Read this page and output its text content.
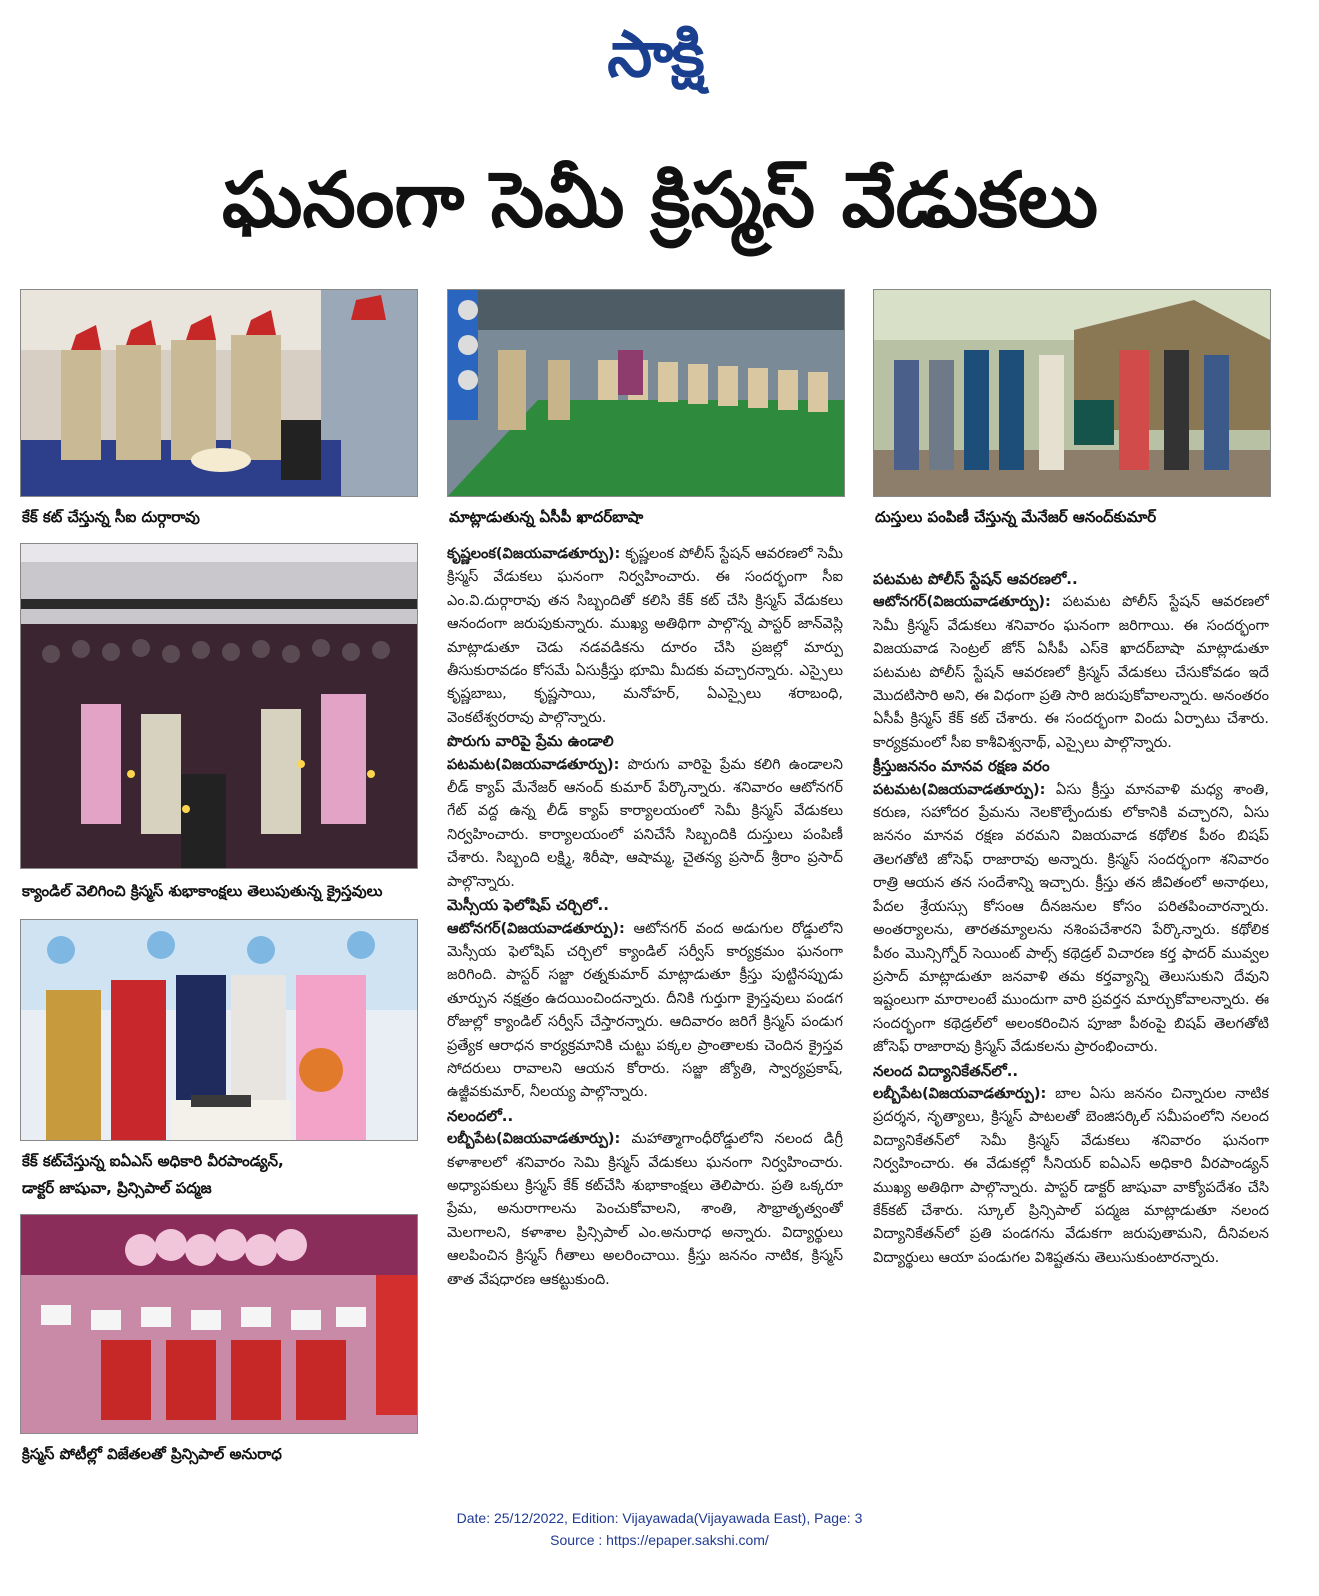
సాక్షి
ఘనంగా సెమీ క్రిస్మస్ వేడుకలు
కేక్ కట్ చేస్తున్న సీఐ దుర్గారావు	మాట్లాడుతున్న ఏసీపీ ఖాదర్‌బాషా	దుస్తులు పంపిణీ చేస్తున్న మేనేజర్ ఆనంద్‌కుమార్
క్యాండిల్ వెలిగించి క్రిస్మస్ శుభాకాంక్షలు తెలుపుతున్న క్రైస్తవులు
కేక్ కట్‌చేస్తున్న ఐఏఎస్ అధికారి వీరపాండ్యన్,
డాక్టర్ జాషువా, ప్రిన్సిపాల్ పద్మజ
క్రిస్మస్ పోటీల్లో విజేతలతో ప్రిన్సిపాల్ అనురాధ

కృష్ణలంక(విజయవాడతూర్పు): కృష్ణలంక పోలీస్ స్టేషన్ ఆవరణలో సెమీ క్రిస్మస్ వేడుకలు ఘనంగా నిర్వహించారు. ఈ సందర్భంగా సీఐ ఎం.వి.దుర్గారావు తన సిబ్బందితో కలిసి కేక్ కట్ చేసి క్రిస్మస్ వేడుకలు ఆనందంగా జరుపుకున్నారు. ముఖ్య అతిథిగా పాల్గొన్న పాస్టర్ జాన్‌వెస్లి మాట్లాడుతూ చెడు నడవడికను దూరం చేసి ప్రజల్లో మార్పు తీసుకురావడం కోసమే ఏసుక్రీస్తు భూమి మీదకు వచ్చారన్నారు. ఎస్సైలు కృష్ణబాబు, కృష్ణసాయి, మనోహర్, ఏఎస్సైలు శరాబంధి, వెంకటేశ్వరరావు పాల్గొన్నారు.

పొరుగు వారిపై ప్రేమ ఉండాలి

పటమట(విజయవాడతూర్పు): పొరుగు వారిపై ప్రేమ కలిగి ఉండాలని లీడ్ క్యాప్ మేనేజర్ ఆనంద్ కుమార్ పేర్కొన్నారు. శనివారం ఆటోనగర్ గేట్ వద్ద ఉన్న లీడ్ క్యాప్ కార్యాలయంలో సెమీ క్రిస్మస్ వేడుకలు నిర్వహించారు. కార్యాలయంలో పనిచేసే సిబ్బందికి దుస్తులు పంపిణీ చేశారు. సిబ్బంది లక్ష్మి, శిరీషా, ఆషామ్మ, చైతన్య ప్రసాద్ శ్రీరాం ప్రసాద్ పాల్గొన్నారు.

మెస్సీయ ఫెలోషిప్ చర్చిలో..

ఆటోనగర్(విజయవాడతూర్పు): ఆటోనగర్ వంద అడుగుల రోడ్డులోని మెస్సీయ ఫెలోషిప్ చర్చిలో క్యాండిల్ సర్వీస్ కార్యక్రమం ఘనంగా జరిగింది. పాస్టర్ సజ్జా రత్నకుమార్ మాట్లాడుతూ క్రీస్తు పుట్టినప్పుడు తూర్పున నక్షత్రం ఉదయించిందన్నారు. దీనికి గుర్తుగా క్రైస్తవులు పండగ రోజుల్లో క్యాండిల్ సర్వీస్ చేస్తారన్నారు. ఆదివారం జరిగే క్రిస్మస్ పండుగ ప్రత్యేక ఆరాధన కార్యక్రమానికి చుట్టు పక్కల ప్రాంతాలకు చెందిన క్రైస్తవ సోదరులు రావాలని ఆయన కోరారు. సజ్జా జ్యోతి, స్వార్యప్రకాష్, ఉజ్జీవకుమార్, నీలయ్య పాల్గొన్నారు.

నలందలో..

లబ్బీపేట(విజయవాడతూర్పు): మహాత్మాగాంధీరోడ్డులోని నలంద డిగ్రీ కళాశాలలో శనివారం సెమి క్రిస్మస్ వేడుకలు ఘనంగా నిర్వహించారు. అధ్యాపకులు క్రిస్మస్ కేక్ కట్‌చేసి శుభాకాంక్షలు తెలిపారు. ప్రతి ఒక్కరూ ప్రేమ, అనురాగాలను పెంచుకోవాలని, శాంతి, సౌభ్రాతృత్వంతో మెలగాలని, కళాశాల ప్రిన్సిపాల్ ఎం.అనురాధ అన్నారు. విద్యార్థులు ఆలపించిన క్రిస్మస్ గీతాలు అలరించాయి. క్రీస్తు జననం నాటిక, క్రిస్మస్ తాత వేషధారణ ఆకట్టుకుంది.

పటమట పోలీస్ స్టేషన్ ఆవరణలో..

ఆటోనగర్(విజయవాడతూర్పు): పటమట పోలీస్ స్టేషన్ ఆవరణలో సెమీ క్రిస్మస్ వేడుకలు శనివారం ఘనంగా జరిగాయి. ఈ సందర్భంగా విజయవాడ సెంట్రల్ జోన్ ఏసీపీ ఎస్‌కె ఖాదర్‌బాషా మాట్లాడుతూ పటమట పోలీస్ స్టేషన్ ఆవరణలో క్రిస్మస్ వేడుకలు చేసుకోవడం ఇదే మొదటిసారి అని, ఈ విధంగా ప్రతి సారి జరుపుకోవాలన్నారు. అనంతరం ఏసీపీ క్రిస్మస్ కేక్ కట్ చేశారు. ఈ సందర్భంగా విందు ఏర్పాటు చేశారు. కార్యక్రమంలో సీఐ కాశీవిశ్వనాథ్, ఎస్సైలు పాల్గొన్నారు.

క్రీస్తుజననం మానవ రక్షణ వరం

పటమట(విజయవాడతూర్పు): ఏసు క్రీస్తు మానవాళి మధ్య శాంతి, కరుణ, సహోదర ప్రేమను నెలకొల్పేందుకు లోకానికి వచ్చారని, ఏసు జననం మానవ రక్షణ వరమని విజయవాడ కథోలిక పీఠం బిషప్ తెలగతోటి జోసెఫ్ రాజారావు అన్నారు. క్రిస్మస్ సందర్భంగా శనివారం రాత్రి ఆయన తన సందేశాన్ని ఇచ్చారు. క్రీస్తు తన జీవితంలో అనాథలు, పేదల శ్రేయస్సు కోసంఆ దీనజనుల కోసం పరితపించారన్నారు. అంతర్యాలను, తారతమ్యాలను నశింపచేశారని పేర్కొన్నారు. కథోలిక పీఠం మొన్సిగ్నోర్ సెయింట్ పాల్స్ కథెడ్రల్ విచారణ కర్త ఫాదర్ మువ్వల ప్రసాద్ మాట్లాడుతూ జనవాళి తమ కర్తవ్యాన్ని తెలుసుకుని దేవుని ఇష్టంలుగా మారాలంటే ముందుగా వారి ప్రవర్తన మార్చుకోవాలన్నారు. ఈ సందర్భంగా కథెడ్రల్‌లో అలంకరించిన పూజా పీఠంపై బిషప్ తెలగతోటి జోసెఫ్ రాజారావు క్రిస్మస్ వేడుకలను ప్రారంభించారు.

నలంద విద్యానికేతన్‌లో..

లబ్బీపేట(విజయవాడతూర్పు): బాల ఏసు జననం చిన్నారుల నాటిక ప్రదర్శన, నృత్యాలు, క్రిస్మస్ పాటలతో బెంజిసర్కిల్ సమీపంలోని నలంద విద్యానికేతన్‌లో సెమీ క్రిస్మస్ వేడుకలు శనివారం ఘనంగా నిర్వహించారు. ఈ వేడుకల్లో సీనియర్ ఐఏఎస్ అధికారి వీరపాండ్యన్ ముఖ్య అతిథిగా పాల్గొన్నారు. పాస్టర్ డాక్టర్ జాషువా వాక్యోపదేశం చేసి కేక్‌కట్ చేశారు. స్కూల్ ప్రిన్సిపాల్ పద్మజ మాట్లాడుతూ నలంద విద్యానికేతన్‌లో ప్రతి పండగను వేడుకగా జరుపుతామని, దీనివలన విద్యార్థులు ఆయా పండుగల విశిష్టతను తెలుసుకుంటారన్నారు.

Date: 25/12/2022, Edition: Vijayawada(Vijayawada East), Page: 3
Source : https://epaper.sakshi.com/
